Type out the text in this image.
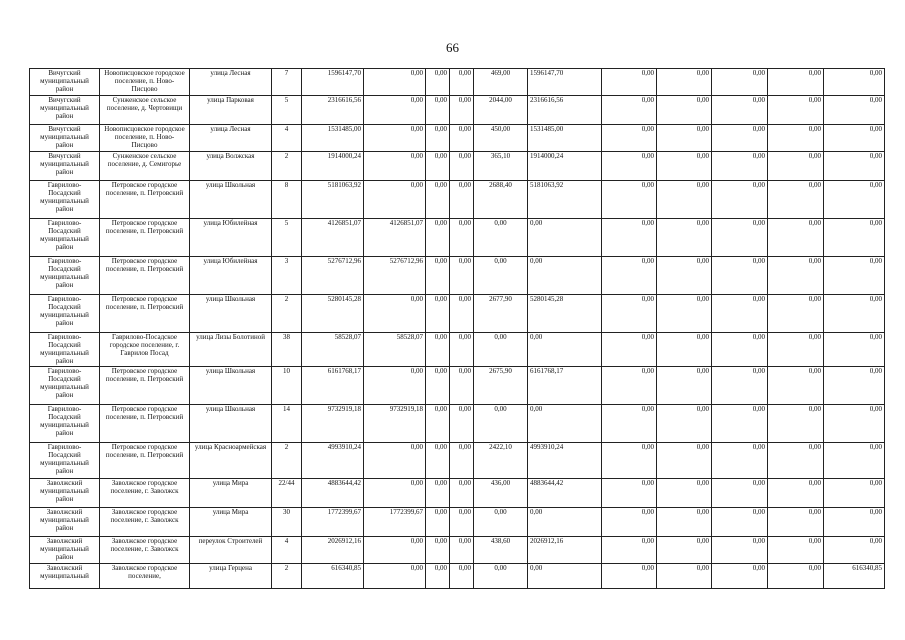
66
Вичугский муниципальный район	Новописцовское городское поселение, п. Ново-Писцово	улица Лесная	7	1596147,70	0,00	0,00	0,00	469,00	1596147,70	0,00	0,00	0,00	0,00	0,00
Вичугский муниципальный район	Сунженское сельское поселение, д. Чертовищи	улица Парковая	5	2316616,56	0,00	0,00	0,00	2044,00	2316616,56	0,00	0,00	0,00	0,00	0,00
Вичугский муниципальный район	Новописцовское городское поселение, п. Ново-Писцово	улица Лесная	4	1531485,00	0,00	0,00	0,00	450,00	1531485,00	0,00	0,00	0,00	0,00	0,00
Вичугский муниципальный район	Сунженское сельское поселение, д. Семигорье	улица Волжская	2	1914000,24	0,00	0,00	0,00	365,10	1914000,24	0,00	0,00	0,00	0,00	0,00
Гаврилово-Посадский муниципальный район	Петровское городское поселение, п. Петровский	улица Школьная	8	5181063,92	0,00	0,00	0,00	2688,40	5181063,92	0,00	0,00	0,00	0,00	0,00
Гаврилово-Посадский муниципальный район	Петровское городское поселение, п. Петровский	улица Юбилейная	5	4126851,07	4126851,07	0,00	0,00	0,00	0,00	0,00	0,00	0,00	0,00	0,00
Гаврилово-Посадский муниципальный район	Петровское городское поселение, п. Петровский	улица Юбилейная	3	5276712,96	5276712,96	0,00	0,00	0,00	0,00	0,00	0,00	0,00	0,00	0,00
Гаврилово-Посадский муниципальный район	Петровское городское поселение, п. Петровский	улица Школьная	2	5280145,28	0,00	0,00	0,00	2677,90	5280145,28	0,00	0,00	0,00	0,00	0,00
Гаврилово-Посадский муниципальный район	Гаврилово-Посадское городское поселение, г. Гаврилов Посад	улица Лизы Болотиной	38	58528,07	58528,07	0,00	0,00	0,00	0,00	0,00	0,00	0,00	0,00	0,00
Гаврилово-Посадский муниципальный район	Петровское городское поселение, п. Петровский	улица Школьная	10	6161768,17	0,00	0,00	0,00	2675,90	6161768,17	0,00	0,00	0,00	0,00	0,00
Гаврилово-Посадский муниципальный район	Петровское городское поселение, п. Петровский	улица Школьная	14	9732919,18	9732919,18	0,00	0,00	0,00	0,00	0,00	0,00	0,00	0,00	0,00
Гаврилово-Посадский муниципальный район	Петровское городское поселение, п. Петровский	улица Красноармейская	2	4993910,24	0,00	0,00	0,00	2422,10	4993910,24	0,00	0,00	0,00	0,00	0,00
Заволжский муниципальный район	Заволжское городское поселение, г. Заволжск	улица Мира	22/44	4883644,42	0,00	0,00	0,00	436,00	4883644,42	0,00	0,00	0,00	0,00	0,00
Заволжский муниципальный район	Заволжское городское поселение, г. Заволжск	улица Мира	30	1772399,67	1772399,67	0,00	0,00	0,00	0,00	0,00	0,00	0,00	0,00	0,00
Заволжский муниципальный район	Заволжское городское поселение, г. Заволжск	переулок Строителей	4	2026912,16	0,00	0,00	0,00	438,60	2026912,16	0,00	0,00	0,00	0,00	0,00
Заволжский муниципальный	Заволжское городское поселение,	улица Герцена	2	616340,85	0,00	0,00	0,00	0,00	0,00	0,00	0,00	0,00	0,00	616340,85
